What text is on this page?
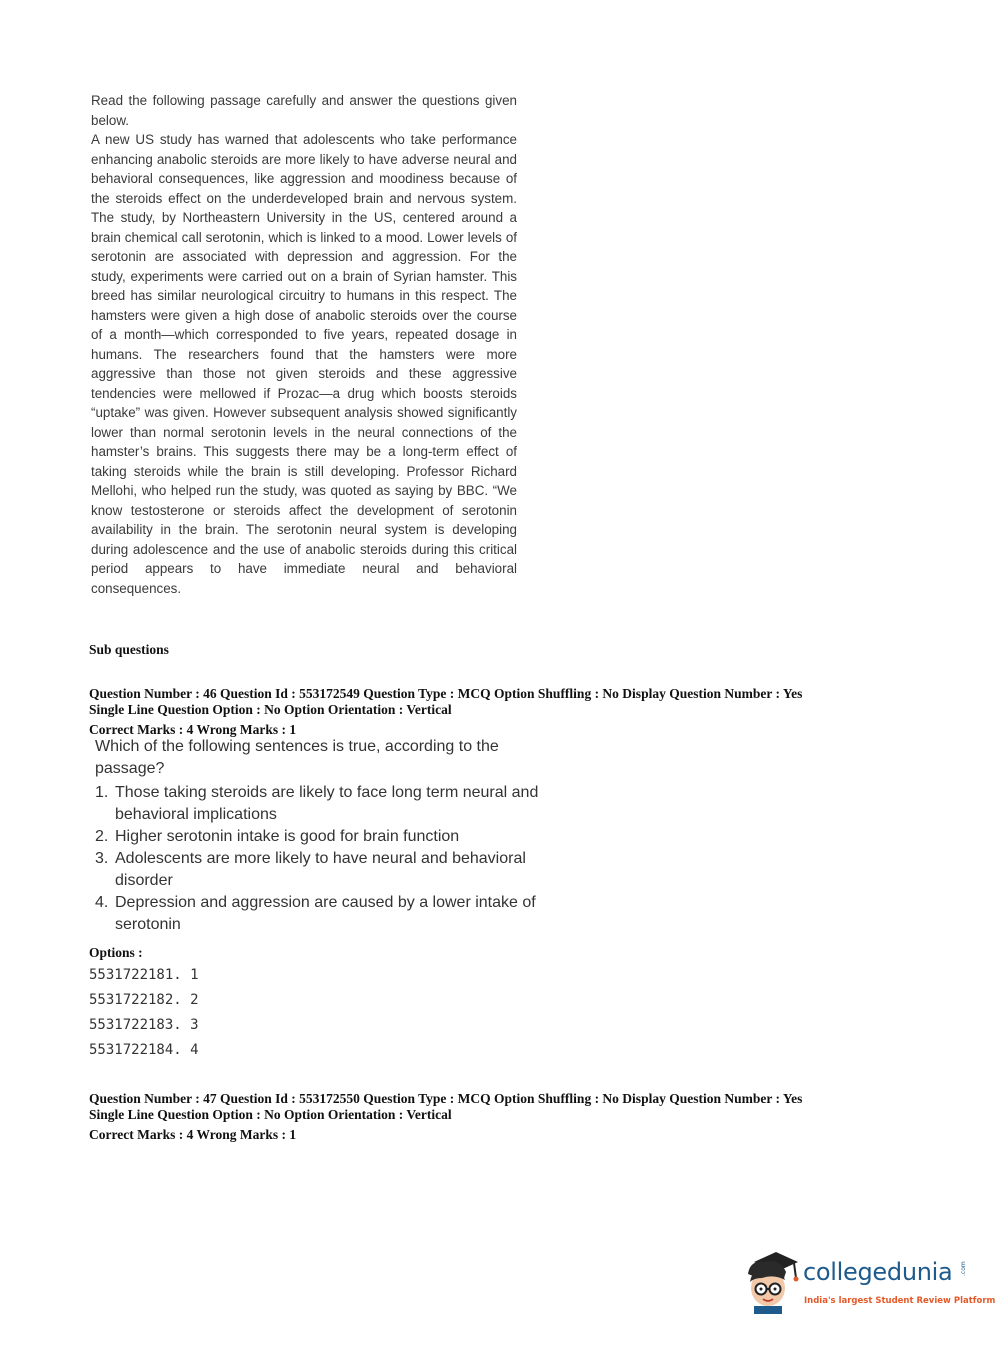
Read the following passage carefully and answer the questions given below.

A new US study has warned that adolescents who take performance enhancing anabolic steroids are more likely to have adverse neural and behavioral consequences, like aggression and moodiness because of the steroids effect on the underdeveloped brain and nervous system. The study, by Northeastern University in the US, centered around a brain chemical call serotonin, which is linked to a mood. Lower levels of serotonin are associated with depression and aggression. For the study, experiments were carried out on a brain of Syrian hamster. This breed has similar neurological circuitry to humans in this respect. The hamsters were given a high dose of anabolic steroids over the course of a month—which corresponded to five years, repeated dosage in humans. The researchers found that the hamsters were more aggressive than those not given steroids and these aggressive tendencies were mellowed if Prozac—a drug which boosts steroids “uptake” was given. However subsequent analysis showed significantly lower than normal serotonin levels in the neural connections of the hamster’s brains. This suggests there may be a long-term effect of taking steroids while the brain is still developing. Professor Richard Mellohi, who helped run the study, was quoted as saying by BBC. “We know testosterone or steroids affect the development of serotonin availability in the brain. The serotonin neural system is developing during adolescence and the use of anabolic steroids during this critical period appears to have immediate neural and behavioral consequences.

Sub questions
Question Number : 46 Question Id : 553172549 Question Type : MCQ Option Shuffling : No Display Question Number : Yes
Single Line Question Option : No Option Orientation : Vertical
Correct Marks : 4 Wrong Marks : 1

Which of the following sentences is true, according to the passage?

1. Those taking steroids are likely to face long term neural and behavioral implications
2. Higher serotonin intake is good for brain function
3. Adolescents are more likely to have neural and behavioral disorder
4. Depression and aggression are caused by a lower intake of serotonin
Options :
5531722181. 1
5531722182. 2
5531722183. 3
5531722184. 4
Question Number : 47 Question Id : 553172550 Question Type : MCQ Option Shuffling : No Display Question Number : Yes
Single Line Question Option : No Option Orientation : Vertical
Correct Marks : 4 Wrong Marks : 1
collegedunia .com
India's largest Student Review Platform
